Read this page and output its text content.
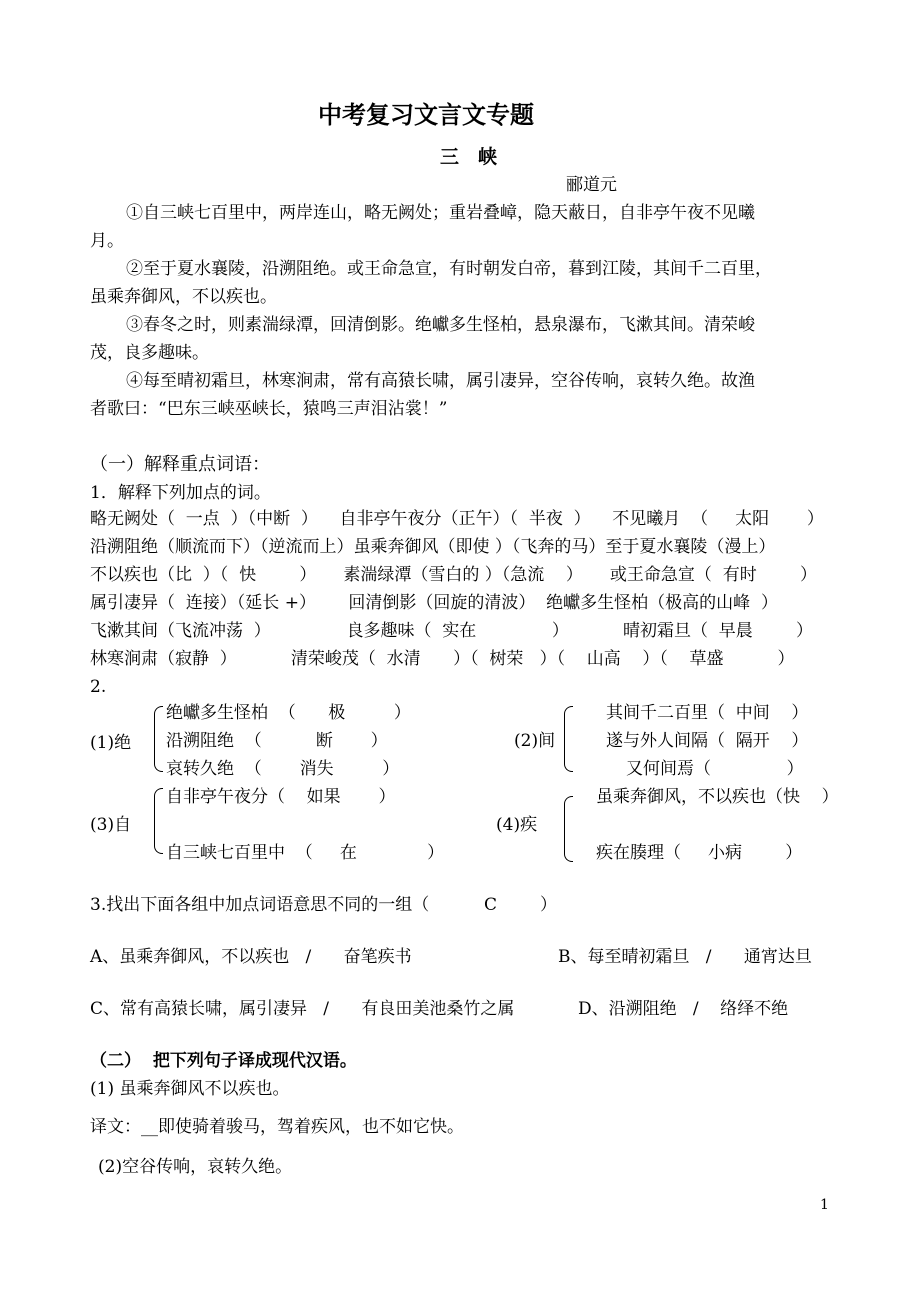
中考复习文言文专题
三　峡
郦道元
①自三峡七百里中，两岸连山，略无阙处；重岩叠嶂，隐天蔽日，自非亭午夜不见曦
月。
②至于夏水襄陵，沿溯阻绝。或王命急宣，有时朝发白帝，暮到江陵，其间千二百里，
虽乘奔御风，不以疾也。
③春冬之时，则素湍绿潭，回清倒影。绝巘多生怪柏，悬泉瀑布，飞漱其间。清荣峻
茂，良多趣味。
④每至晴初霜旦，林寒涧肃，常有高猿长啸，属引凄异，空谷传响，哀转久绝。故渔
者歌曰：“巴东三峡巫峡长，猿鸣三声泪沾裳！”
（一）解释重点词语：
1．解释下列加点的词。
略无阙处（  一点  ）（中断  ）    自非亭午夜分（正午）（  半夜  ）    不见曦月  （     太阳       ）
沿溯阻绝（顺流而下）（逆流而上）虽乘奔御风（即使 ）（飞奔的马）至于夏水襄陵（漫上）
不以疾也（比  ）（  快        ）     素湍绿潭（雪白的 ）（急流    ）     或王命急宣（  有时        ）
属引凄异（  连接）（延长 +）      回清倒影（回旋的清波）  绝巘多生怪柏（极高的山峰  ）
飞漱其间（飞流冲荡  ）              良多趣味（  实在              ）          晴初霜旦（  早晨        ）
林寒涧肃（寂静  ）          清荣峻茂（  水清      ）（  树荣   ）（    山高    ）（    草盛          ）
2.
(1)绝
绝巘多生怪柏  （      极         ）
沿溯阻绝  （          断       ）
哀转久绝  （       消失         ）
(2)间
其间千二百里（  中间    ）
遂与外人间隔（  隔开    ）
又何间焉（              ）
(3)自
自非亭午夜分（    如果       ）
自三峡七百里中  （     在             ）
(4)疾
虽乘奔御风，不以疾也（快    ）
疾在腠理（     小病        ）
3.找出下面各组中加点词语意思不同的一组（	C	）
A、虽乘奔御风，不以疾也   /      奋笔疾书	B、每至晴初霜旦   /      通宵达旦
C、常有高猿长啸，属引凄异   /      有良田美池桑竹之属	D、沿溯阻绝   /    络绎不绝
（二）  把下列句子译成现代汉语。
(1) 虽乘奔御风不以疾也。
译文：__即使骑着骏马，驾着疾风，也不如它快。
(2)空谷传响，哀转久绝。
1
